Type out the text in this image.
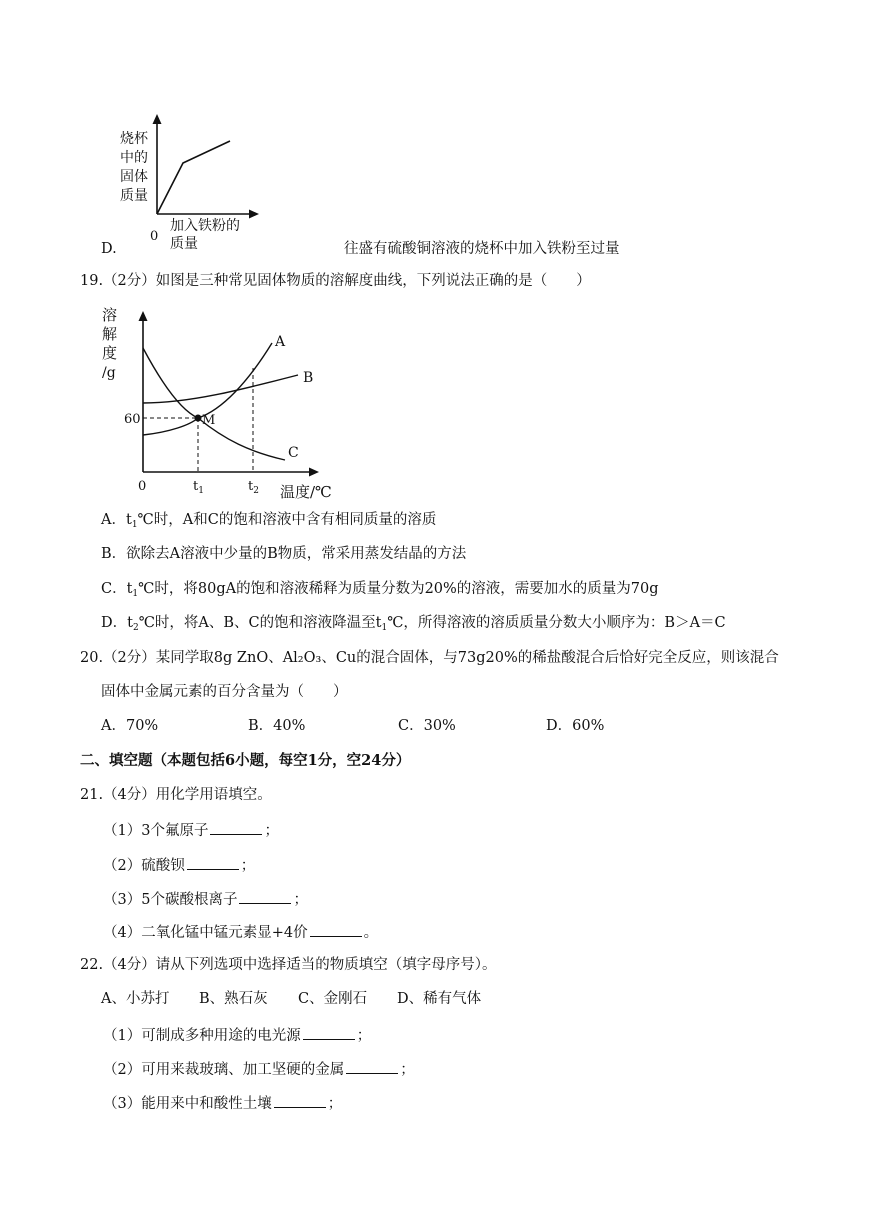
烧杯
中的
固体
质量
0
加入铁粉的
质量
D.	往盛有硫酸铜溶液的烧杯中加入铁粉至过量
19.（2分）如图是三种常见固体物质的溶解度曲线，下列说法正确的是（　　）
溶
解
度
/g
60
0	$t_1$	$t_2$ 温度/℃
M
A
B
C
A．$t_1℃$时，A和C的饱和溶液中含有相同质量的溶质
B．欲除去A溶液中少量的B物质，常采用蒸发结晶的方法
C．$t_1℃$时，将80gA的饱和溶液稀释为质量分数为20%的溶液，需要加水的质量为70g
D．$t_2℃$时，将A、B、C的饱和溶液降温至$t_1℃$，所得溶液的溶质质量分数大小顺序为：B＞A＝C
20.（2分）某同学取8g ZnO、Al₂O₃、Cu的混合固体，与73g20%的稀盐酸混合后恰好完全反应，则该混合
固体中金属元素的百分含量为（　　）
A．70%	B．40%	C．30%	D．60%
二、填空题（本题包括6小题，每空1分，空24分）
21.（4分）用化学用语填空。
（1）3个氟原子	；
（2）硫酸钡	；
（3）5个碳酸根离子	；
（4）二氧化锰中锰元素显+4价	。
22.（4分）请从下列选项中选择适当的物质填空（填字母序号）。
A、小苏打 B、熟石灰 C、金刚石 D、稀有气体
（1）可制成多种用途的电光源	；
（2）可用来裁玻璃、加工坚硬的金属	；
（3）能用来中和酸性土壤	；
